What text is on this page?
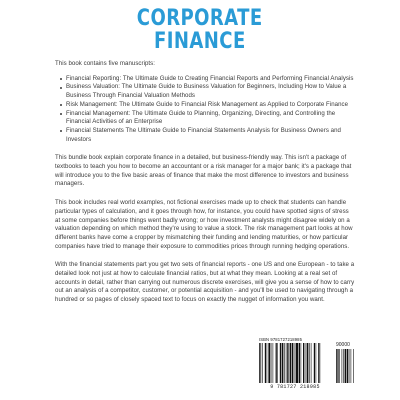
CORPORATE
FINANCE

This book contains five manuscripts:

Financial Reporting: The Ultimate Guide to Creating Financial Reports and Performing Financial Analysis
Business Valuation: The Ultimate Guide to Business Valuation for Beginners, Including How to Value a Business Through Financial Valuation Methods
Risk Management: The Ultimate Guide to Financial Risk Management as Applied to Corporate Finance
Financial Management: The Ultimate Guide to Planning, Organizing, Directing, and Controlling the Financial Activities of an Enterprise
Financial Statements The Ultimate Guide to Financial Statements Analysis for Business Owners and Investors

This bundle book explain corporate finance in a detailed, but business-friendly way. This isn't a package of textbooks to teach you how to become an accountant or a risk manager for a major bank; it's a package that will introduce you to the five basic areas of finance that make the most difference to investors and business managers.

This book includes real world examples, not fictional exercises made up to check that students can handle particular types of calculation, and it goes through how, for instance, you could have spotted signs of stress at some companies before things went badly wrong; or how investment analysts might disagree widely on a valuation depending on which method they're using to value a stock. The risk management part looks at how different banks have come a cropper by mismatching their funding and lending maturities, or how particular companies have tried to manage their exposure to commodities prices through running hedging operations.

With the financial statements part you get two sets of financial reports - one US and one European - to take a detailed look not just at how to calculate financial ratios, but at what they mean. Looking at a real set of accounts in detail, rather than carrying out numerous discrete exercises, will give you a sense of how to carry out an analysis of a competitor, customer, or potential acquisition - and you'll be used to navigating through a hundred or so pages of closely spaced text to focus on exactly the nugget of information you want.

ISBN 9781727218985
90000
9 781727 218985
